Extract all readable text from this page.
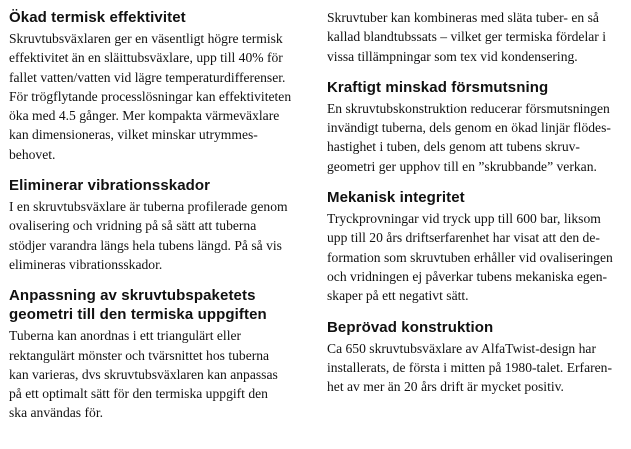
Ökad termisk effektivitet

Skruvtubsväxlaren ger en väsentligt högre termisk
effektivitet än en släittubsväxlare, upp till 40% för
fallet vatten/vatten vid lägre temperaturdifferenser.
För trögflytande processlösningar kan effektiviteten
öka med 4.5 gånger. Mer kompakta värmeväxlare
kan dimensioneras, vilket minskar utrymmes-
behovet.

Eliminerar vibrationsskador

I en skruvtubsväxlare är tuberna profilerade genom
ovalisering och vridning på så sätt att tuberna
stödjer varandra längs hela tubens längd. På så vis
elimineras vibrationsskador.

Anpassning av skruvtubspaketets
geometri till den termiska uppgiften

Tuberna kan anordnas i ett triangulärt eller
rektangulärt mönster och tvärsnittet hos tuberna
kan varieras, dvs skruvtubsväxlaren kan anpassas
på ett optimalt sätt för den termiska uppgift den
ska användas för.

Skruvtuber kan kombineras med släta tuber- en så
kallad blandtubssats – vilket ger termiska fördelar i
vissa tillämpningar som tex vid kondensering.

Kraftigt minskad försmutsning

En skruvtubskonstruktion reducerar försmutsningen
invändigt tuberna, dels genom en ökad linjär flödes-
hastighet i tuben, dels genom att tubens skruv-
geometri ger upphov till en ”skrubbande” verkan.

Mekanisk integritet

Tryckprovningar vid tryck upp till 600 bar, liksom
upp till 20 års driftserfarenhet har visat att den de-
formation som skruvtuben erhåller vid ovaliseringen
och vridningen ej påverkar tubens mekaniska egen-
skaper på ett negativt sätt.

Beprövad konstruktion

Ca 650 skruvtubsväxlare av AlfaTwist-design har
installerats, de första i mitten på 1980-talet. Erfaren-
het av mer än 20 års drift är mycket positiv.
